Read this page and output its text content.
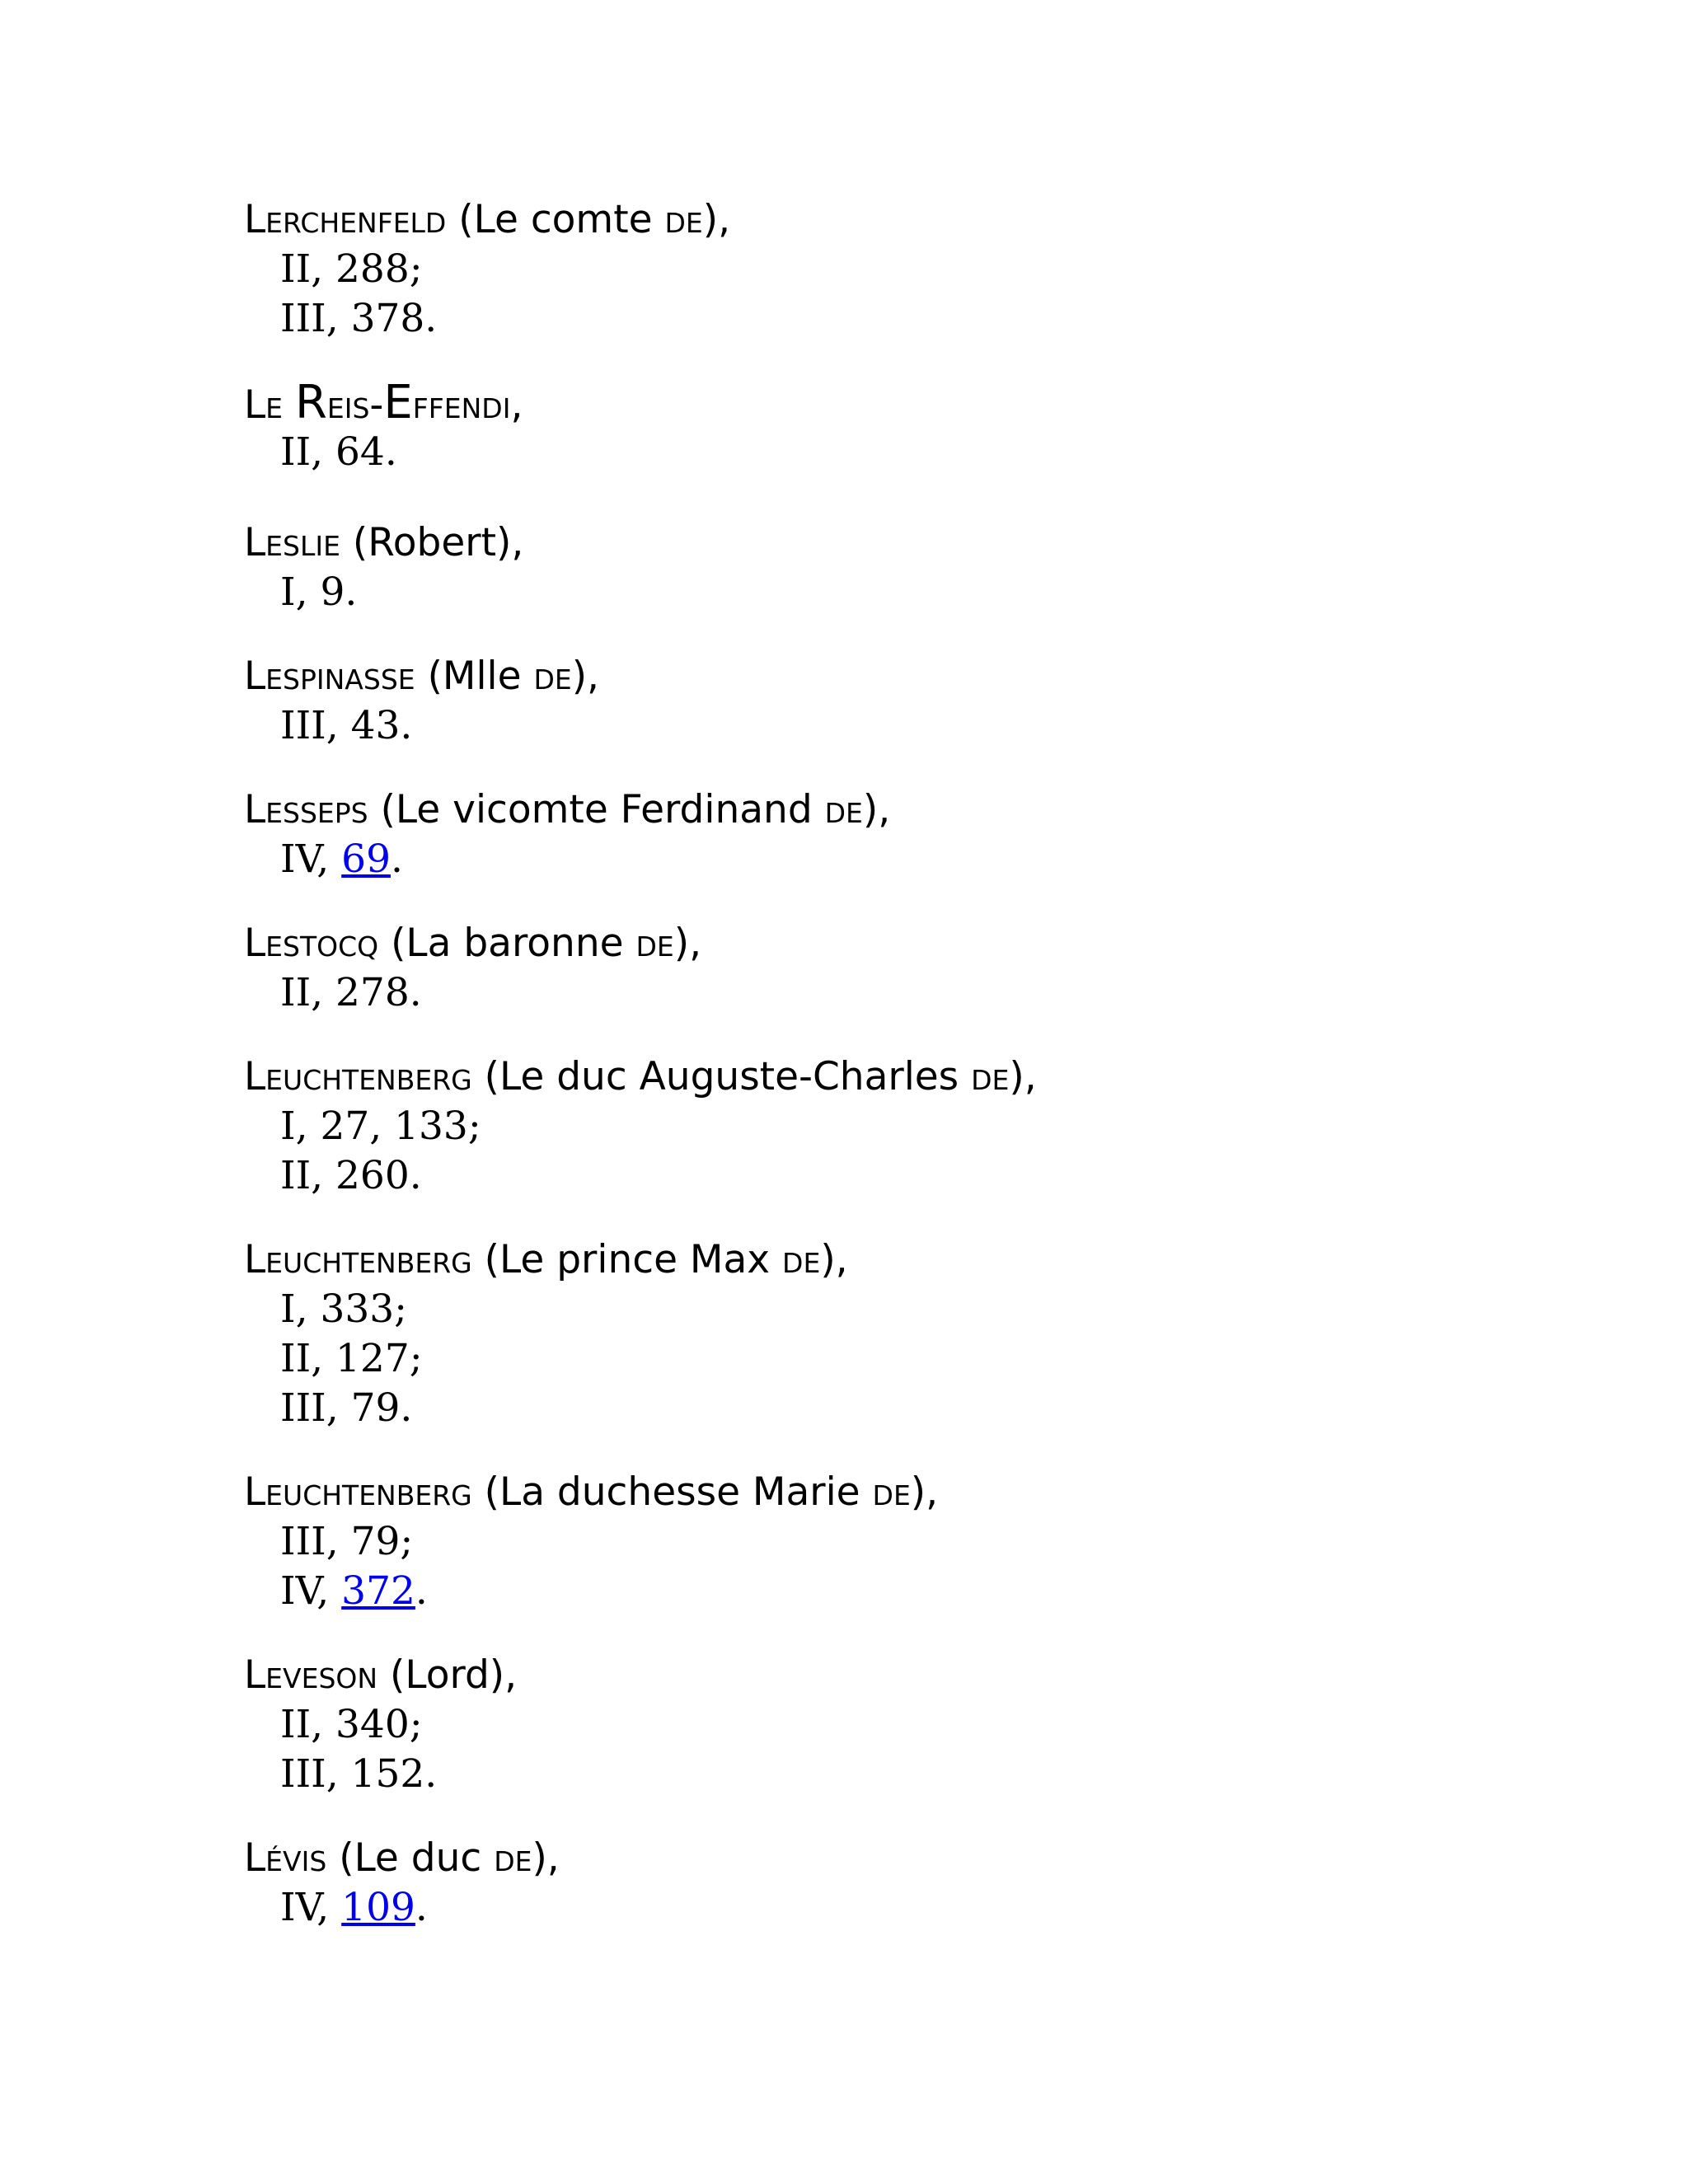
Lerchenfeld (Le comte de),
II, 288;
III, 378.
Le Reis-Effendi,
II, 64.
Leslie (Robert),
I, 9.
Lespinasse (Mlle de),
III, 43.
Lesseps (Le vicomte Ferdinand de),
IV, 69.
Lestocq (La baronne de),
II, 278.
Leuchtenberg (Le duc Auguste-Charles de),
I, 27, 133;
II, 260.
Leuchtenberg (Le prince Max de),
I, 333;
II, 127;
III, 79.
Leuchtenberg (La duchesse Marie de),
III, 79;
IV, 372.
Leveson (Lord),
II, 340;
III, 152.
Lévis (Le duc de),
IV, 109.
